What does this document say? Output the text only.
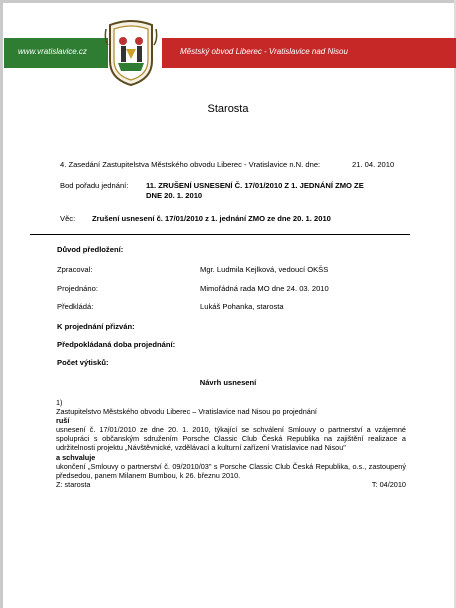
www.vratislavice.cz	Městský obvod Liberec - Vratislavice nad Nisou
Starosta
4. Zasedání Zastupitelstva Městského obvodu Liberec - Vratislavice n.N. dne:	21. 04. 2010
Bod pořadu jednání: 11. ZRUŠENÍ USNESENÍ Č. 17/01/2010 Z 1. JEDNÁNÍ ZMO ZE
DNE 20. 1. 2010
Věc: Zrušení usnesení č. 17/01/2010 z 1. jednání ZMO ze dne 20. 1. 2010
Důvod předložení:
Zpracoval:	Mgr. Ludmila Kejlková, vedoucí OKŠS
Projednáno:	Mimořádná rada MO dne 24. 03. 2010
Předkládá:	Lukáš Pohanka, starosta
K projednání přizván:
Předpokládaná doba projednání:
Počet výtisků:
Návrh usnesení
1)
Zastupitelstvo Městského obvodu Liberec – Vratislavice nad Nisou po projednání
ruší
usnesení č. 17/01/2010 ze dne 20. 1. 2010, týkající se schválení Smlouvy o partnerství a vzájemné spolupráci s občanským sdružením Porsche Classic Club Česká Republika na zajištění realizace a udržitelnosti projektu „Návštěvnické, vzdělávací a kulturní zařízení Vratislavice nad Nisou"
a schvaluje
ukončení „Smlouvy o partnerství č. 09/2010/03" s Porsche Classic Club Česká Republika, o.s., zastoupený předsedou, panem Milanem Bumbou, k 26. březnu 2010.
Z: starosta	T: 04/2010
